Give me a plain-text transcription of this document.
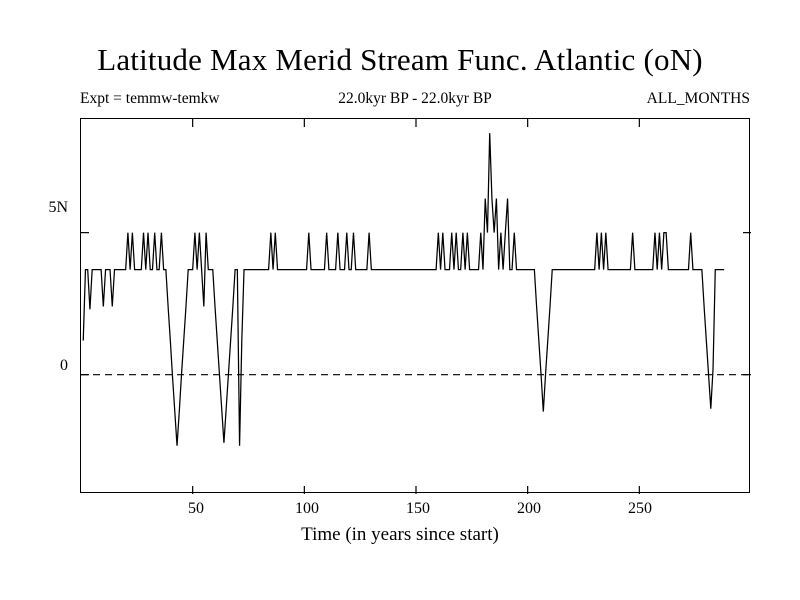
Latitude Max Merid Stream Func. Atlantic (oN)
Expt = temmw-temkw	22.0kyr BP - 22.0kyr BP	ALL_MONTHS
0
5N
50	100	150	200	250
Time (in years since start)
